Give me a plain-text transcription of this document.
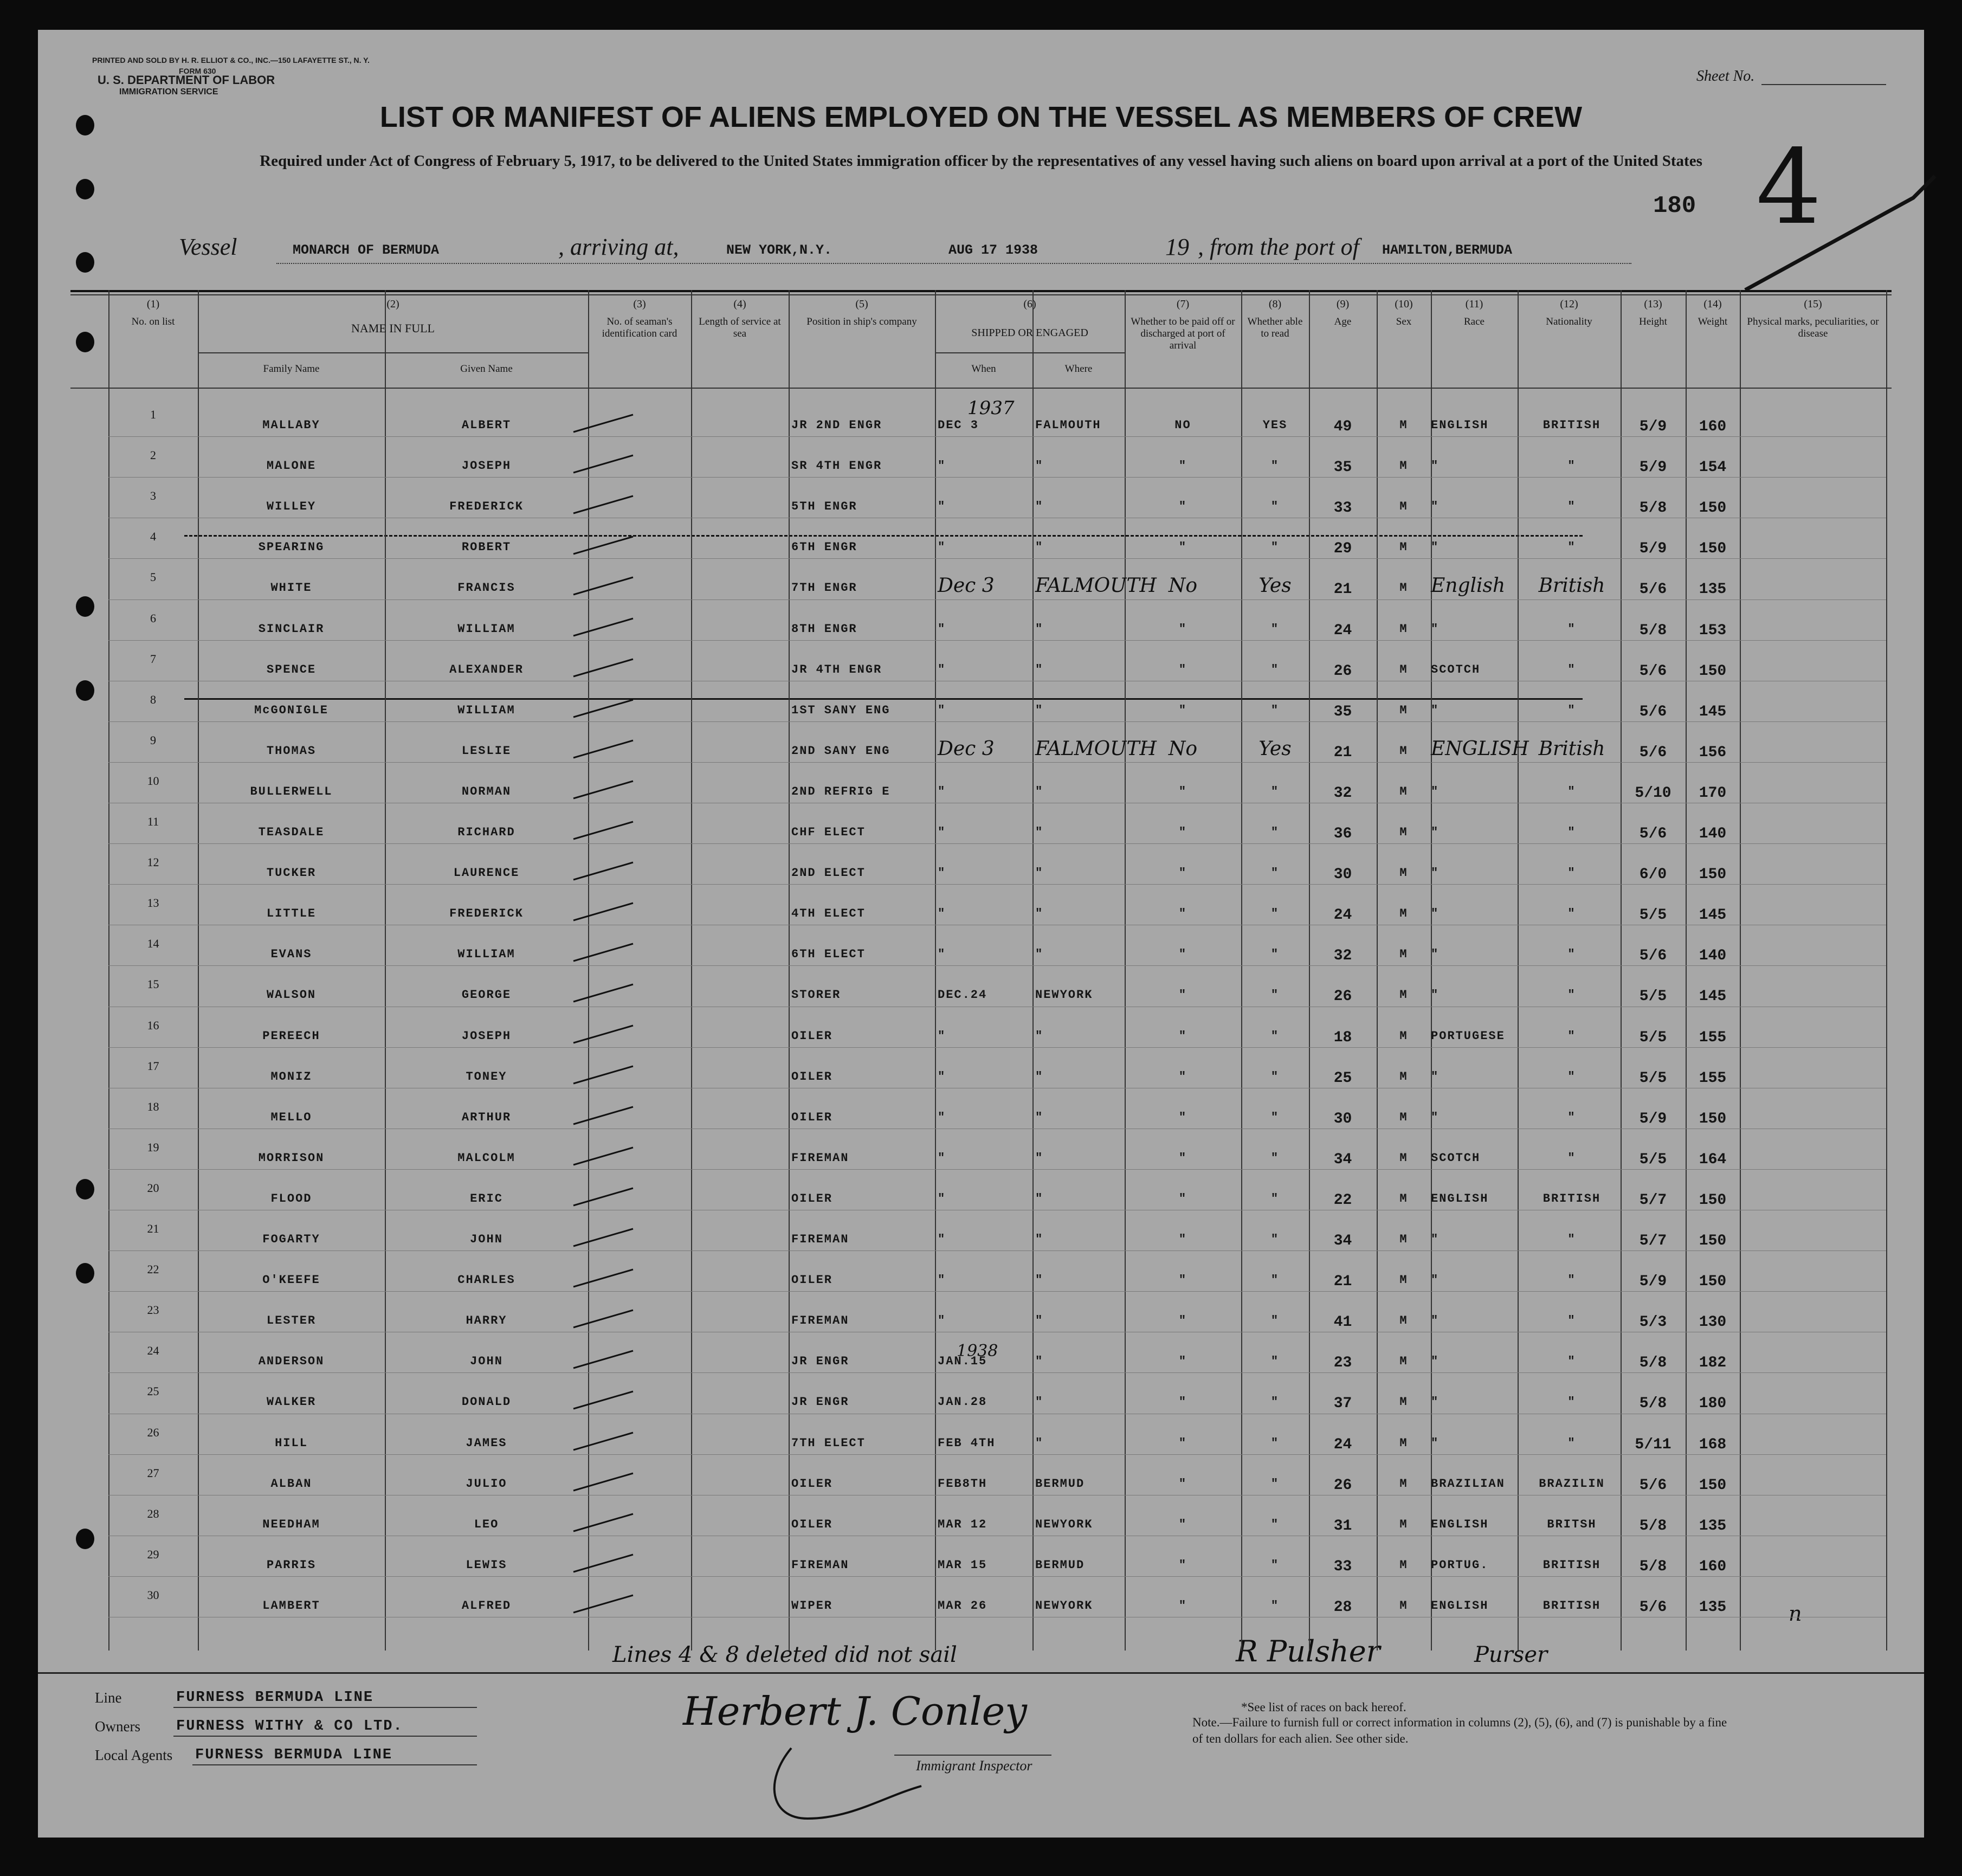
PRINTED AND SOLD BY H. R. ELLIOT & CO., INC.—150 LAFAYETTE ST., N. Y.
FORM 630
U. S. DEPARTMENT OF LABOR
IMMIGRATION SERVICE
Sheet No.
LIST OR MANIFEST OF ALIENS EMPLOYED ON THE VESSEL AS MEMBERS OF CREW
Required under Act of Congress of February 5, 1917, to be delivered to the United States immigration officer by the representatives of any vessel having such aliens on board upon arrival at a port of the United States 4
180
Vessel	MONARCH OF BERMUDA	, arriving at,	NEW YORK,N.Y.	AUG 17 1938	19 , from the port of HAMILTON,BERMUDA
Lines 4 & 8 deleted did not sail	R Pulsher	Purser
n
Line	FURNESS BERMUDA LINE
Owners FURNESS WITHY & CO LTD.
Local Agents FURNESS BERMUDA LINE
Herbert J. Conley
Immigrant Inspector
*See list of races on back hereof.
Note.—Failure to furnish full or correct information in columns (2), (5), (6), and (7) is punishable by a fine of ten dollars for each alien. See other side.
(1)
No. on list
(3)
No. of seaman's identification card
(4)
Length of service at sea
(5)
Position in ship's company
(7)
Whether to be paid off or discharged at port of arrival
(8)
Whether able to read
(9)
Age
(10)
Sex
(11)
Race
(12)
Nationality
(13)
Height
(14)
Weight
(15)
Physical marks, peculiarities, or disease
(2)
NAME IN FULL
Family Name	Given Name
(6)
SHIPPED OR ENGAGED
When	Where
1937
1938
1
MALLABY	ALBERT	JR 2ND ENGR	DEC 3	FALMOUTH	NO	YES	49	M	ENGLISH	BRITISH	5/9	160
2
MALONE	JOSEPH	SR 4TH ENGR	"	"	"	"	35	M	"	"	5/9	154
3
WILLEY	FREDERICK	5TH ENGR	"	"	"	"	33	M	"	"	5/8	150
4
SPEARING	ROBERT	6TH ENGR	"	"	"	"	29	M	"	"	5/9	150
5
WHITE	FRANCIS	7TH ENGR	Dec 3	FALMOUTH No	Yes	21	M	English	British	5/6	135
6
SINCLAIR	WILLIAM	8TH ENGR	"	"	"	"	24	M	"	"	5/8	153
7
SPENCE	ALEXANDER	JR 4TH ENGR	"	"	"	"	26	M	SCOTCH	"	5/6	150
8
McGONIGLE	WILLIAM	1ST SANY ENG	"	"	"	"	35	M	"	"	5/6	145
9
THOMAS	LESLIE	2ND SANY ENG	Dec 3	FALMOUTH No	Yes	21	M	ENGLISH British	5/6	156
10
BULLERWELL	NORMAN	2ND REFRIG E	"	"	"	"	32	M	"	"	5/10	170
11
TEASDALE	RICHARD	CHF ELECT	"	"	"	"	36	M	"	"	5/6	140
12
TUCKER	LAURENCE	2ND ELECT	"	"	"	"	30	M	"	"	6/0	150
13
LITTLE	FREDERICK	4TH ELECT	"	"	"	"	24	M	"	"	5/5	145
14
EVANS	WILLIAM	6TH ELECT	"	"	"	"	32	M	"	"	5/6	140
15
WALSON	GEORGE	STORER	DEC.24	NEWYORK	"	"	26	M	"	"	5/5	145
16
PEREECH	JOSEPH	OILER	"	"	"	"	18	M	PORTUGESE	"	5/5	155
17
MONIZ	TONEY	OILER	"	"	"	"	25	M	"	"	5/5	155
18
MELLO	ARTHUR	OILER	"	"	"	"	30	M	"	"	5/9	150
19
MORRISON	MALCOLM	FIREMAN	"	"	"	"	34	M	SCOTCH	"	5/5	164
20
FLOOD	ERIC	OILER	"	"	"	"	22	M	ENGLISH	BRITISH	5/7	150
21
FOGARTY	JOHN	FIREMAN	"	"	"	"	34	M	"	"	5/7	150
22
O'KEEFE	CHARLES	OILER	"	"	"	"	21	M	"	"	5/9	150
23
LESTER	HARRY	FIREMAN	"	"	"	"	41	M	"	"	5/3	130
24
ANDERSON	JOHN	JR ENGR	JAN.15	"	"	"	23	M	"	"	5/8	182
25
WALKER	DONALD	JR ENGR	JAN.28	"	"	"	37	M	"	"	5/8	180
26
HILL	JAMES	7TH ELECT	FEB 4TH	"	"	"	24	M	"	"	5/11	168
27
ALBAN	JULIO	OILER	FEB8TH	BERMUD	"	"	26	M	BRAZILIAN	BRAZILIN	5/6	150
28
NEEDHAM	LEO	OILER	MAR 12	NEWYORK	"	"	31	M	ENGLISH	BRITSH	5/8	135
29
PARRIS	LEWIS	FIREMAN	MAR 15	BERMUD	"	"	33	M	PORTUG.	BRITISH	5/8	160
30
LAMBERT	ALFRED	WIPER	MAR 26	NEWYORK	"	"	28	M	ENGLISH	BRITISH	5/6	135
